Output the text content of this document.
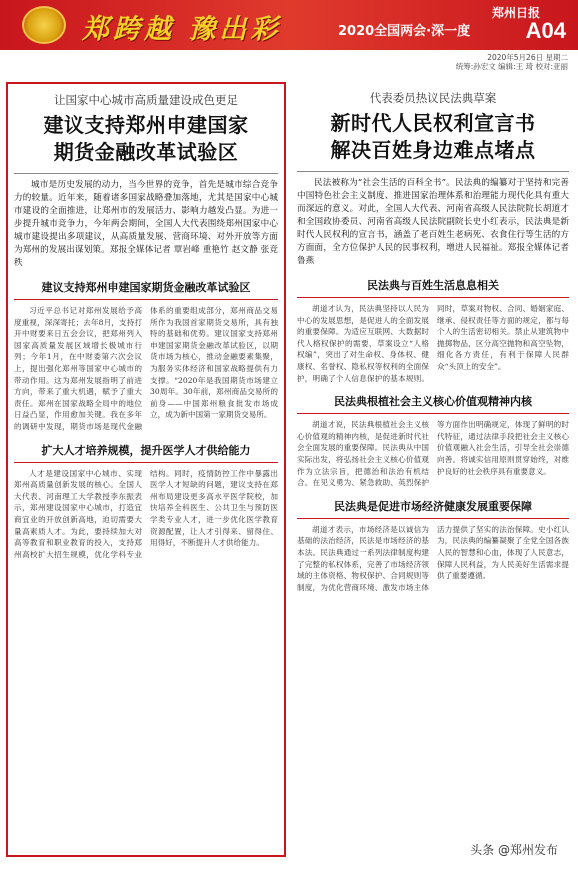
郑跨越 豫出彩	2020全国两会·深一度
郑州日报
A04
2020年5月26日 星期二
统筹:孙宏文 编辑:王 琦 校对:亚丽
让国家中心城市高质量建设成色更足
建议支持郑州申建国家
期货金融改革试验区

城市是历史发展的动力，当今世界的竞争，首先是城市综合竞争力的较量。近年来，随着诸多国家战略叠加落地，尤其是国家中心城市建设的全面推进，让郑州市的发展活力、影响力越发凸显。为进一步提升城市竞争力，今年两会期间，全国人大代表围绕郑州国家中心城市建设提出多项建议，从高质量发展、营商环境、对外开放等方面为郑州的发展出谋划策。郑报全媒体记者 覃岩峰 重艳竹 赵文静 张竞秩

建议支持郑州申建国家期货金融改革试验区

习近平总书记对郑州发展给予高度重视，深深寄托；去年8月，支持打开中财要来日五会会议，把郑州列入国家高质量发展区域增长极城市行列；今年1月，在中财委第六次会议上，提出强化郑州等国家中心城市的带动作用。这为郑州发展指明了前进方向，带来了重大机遇，赋予了重大责任。郑州在国家战略全局中的地位日益凸显，作用愈加关键。我在多年的调研中发现，期货市场是现代金融体系的重要组成部分，郑州商品交易所作为我国首家期货交易所，具有独特的基础和优势。建议国家支持郑州申建国家期货金融改革试验区，以期货市场为核心，推动金融要素集聚，为服务实体经济和国家战略提供有力支撑。“2020年是我国期货市场建立30周年。30年前，郑州商品交易所的前身——中国郑州粮食批发市场成立，成为新中国第一家期货交易所。

扩大人才培养规模，提升医学人才供给能力

人才是建设国家中心城市、实现郑州高质量创新发展的核心。全国人大代表、河南理工大学教授李东振表示，郑州建设国家中心城市，打造宜商宜业的开放创新高地，迫切需要大量高素质人才。为此，要持续加大对高等教育和职业教育的投入，支持郑州高校扩大招生规模，优化学科专业结构。同时，疫情防控工作中暴露出医学人才短缺的问题，建议支持在郑州布局建设更多高水平医学院校，加快培养全科医生、公共卫生与预防医学类专业人才，进一步优化医学教育资源配置，让人才引得来、留得住、用得好，不断提升人才供给能力。

代表委员热议民法典草案
新时代人民权利宣言书
解决百姓身边难点堵点

民法被称为“社会生活的百科全书”。民法典的编纂对于坚持和完善中国特色社会主义制度、推进国家治理体系和治理能力现代化具有重大而深远的意义。对此，全国人大代表、河南省高级人民法院院长胡道才和全国政协委员、河南省高级人民法院副院长史小红表示，民法典是新时代人民权利的宣言书，涵盖了老百姓生老病死、衣食住行等生活的方方面面，全方位保护人民的民事权利，增进人民福祉。郑报全媒体记者 鲁燕

民法典与百姓生活息息相关

胡道才认为，民法典坚持以人民为中心的发展思想，是促进人的全面发展的重要保障。为适应互联网、大数据时代人格权保护的需要，草案设立“人格权编”，突出了对生命权、身体权、健康权、名誉权、隐私权等权利的全面保护，明确了个人信息保护的基本规则。同时，草案对物权、合同、婚姻家庭、继承、侵权责任等方面的规定，都与每个人的生活密切相关。禁止从建筑物中抛掷物品，区分高空抛物和高空坠物，细化各方责任，有利于保障人民群众“头顶上的安全”。

民法典根植社会主义核心价值观精神内核

胡道才说，民法典根植社会主义核心价值观的精神内核，是促进新时代社会全面发展的重要保障。民法典从中国实际出发，将弘扬社会主义核心价值观作为立法宗旨，把德治和法治有机结合。在见义勇为、紧急救助、英烈保护等方面作出明确规定，体现了鲜明的时代特征，通过法律手段把社会主义核心价值观融入社会生活，引导全社会崇德向善。将诚实信用原则贯穿始终，对维护良好的社会秩序具有重要意义。

民法典是促进市场经济健康发展重要保障

胡道才表示，市场经济是以诚信为基础的法治经济，民法是市场经济的基本法。民法典通过一系列法律制度构建了完整的私权体系，完善了市场经济领域的主体资格、物权保护、合同规则等制度，为优化营商环境、激发市场主体活力提供了坚实的法治保障。史小红认为，民法典的编纂凝聚了全党全国各族人民的智慧和心血，体现了人民意志，保障人民利益，为人民美好生活需求提供了重要遵循。

头条 @郑州发布
